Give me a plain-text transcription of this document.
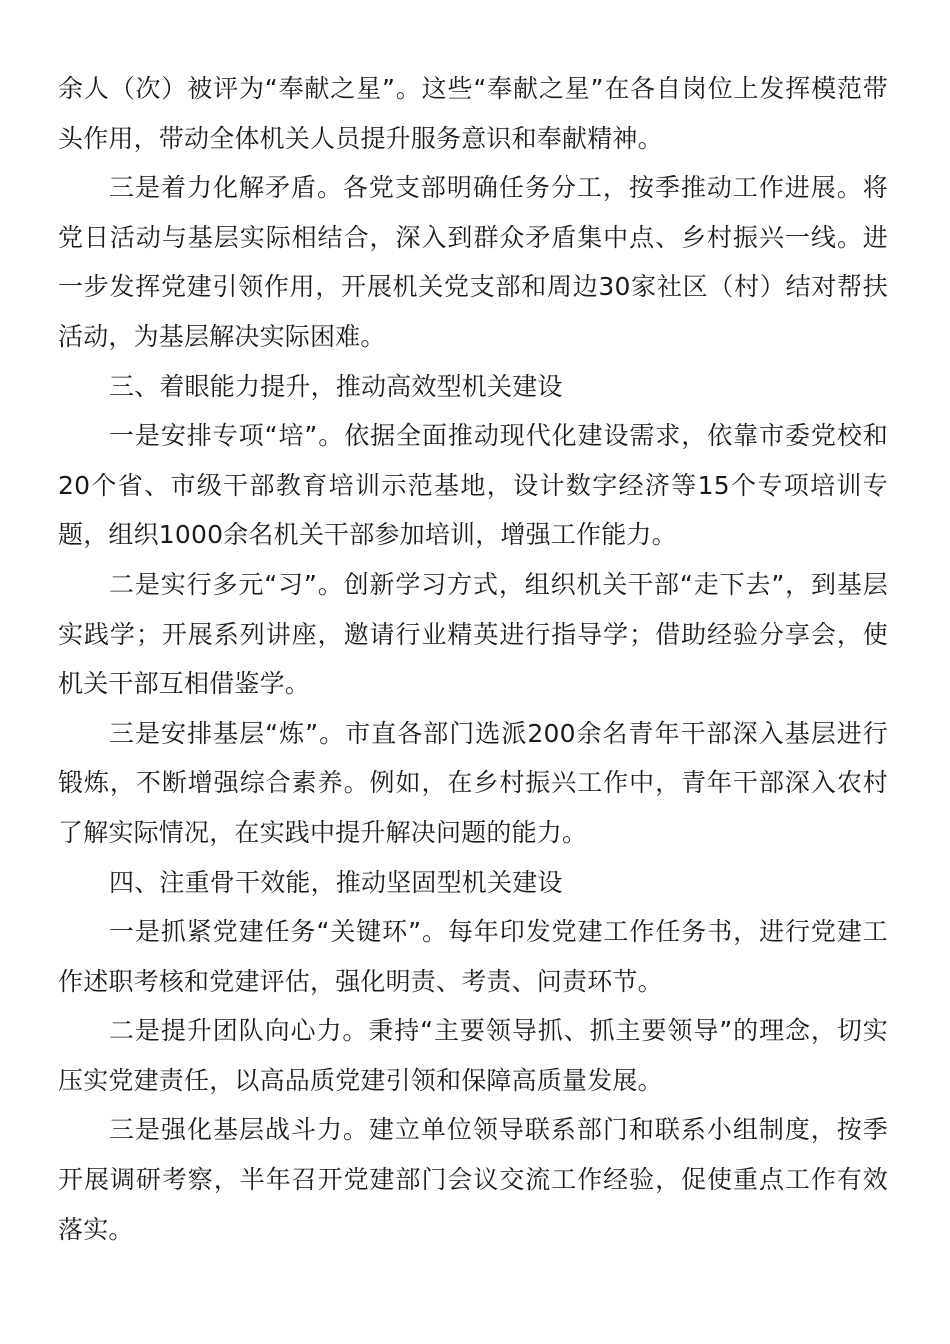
余人（次）被评为“奉献之星”。这些“奉献之星”在各自岗位上发挥模范带头作用，带动全体机关人员提升服务意识和奉献精神。

三是着力化解矛盾。各党支部明确任务分工，按季推动工作进展。将党日活动与基层实际相结合，深入到群众矛盾集中点、乡村振兴一线。进一步发挥党建引领作用，开展机关党支部和周边30家社区（村）结对帮扶活动，为基层解决实际困难。

三、着眼能力提升，推动高效型机关建设

一是安排专项“培”。依据全面推动现代化建设需求，依靠市委党校和20个省、市级干部教育培训示范基地，设计数字经济等15个专项培训专题，组织1000余名机关干部参加培训，增强工作能力。

二是实行多元“习”。创新学习方式，组织机关干部“走下去”，到基层实践学；开展系列讲座，邀请行业精英进行指导学；借助经验分享会，使机关干部互相借鉴学。

三是安排基层“炼”。市直各部门选派200余名青年干部深入基层进行锻炼，不断增强综合素养。例如，在乡村振兴工作中，青年干部深入农村了解实际情况，在实践中提升解决问题的能力。

四、注重骨干效能，推动坚固型机关建设

一是抓紧党建任务“关键环”。每年印发党建工作任务书，进行党建工作述职考核和党建评估，强化明责、考责、问责环节。

二是提升团队向心力。秉持“主要领导抓、抓主要领导”的理念，切实压实党建责任，以高品质党建引领和保障高质量发展。

三是强化基层战斗力。建立单位领导联系部门和联系小组制度，按季开展调研考察，半年召开党建部门会议交流工作经验，促使重点工作有效落实。
